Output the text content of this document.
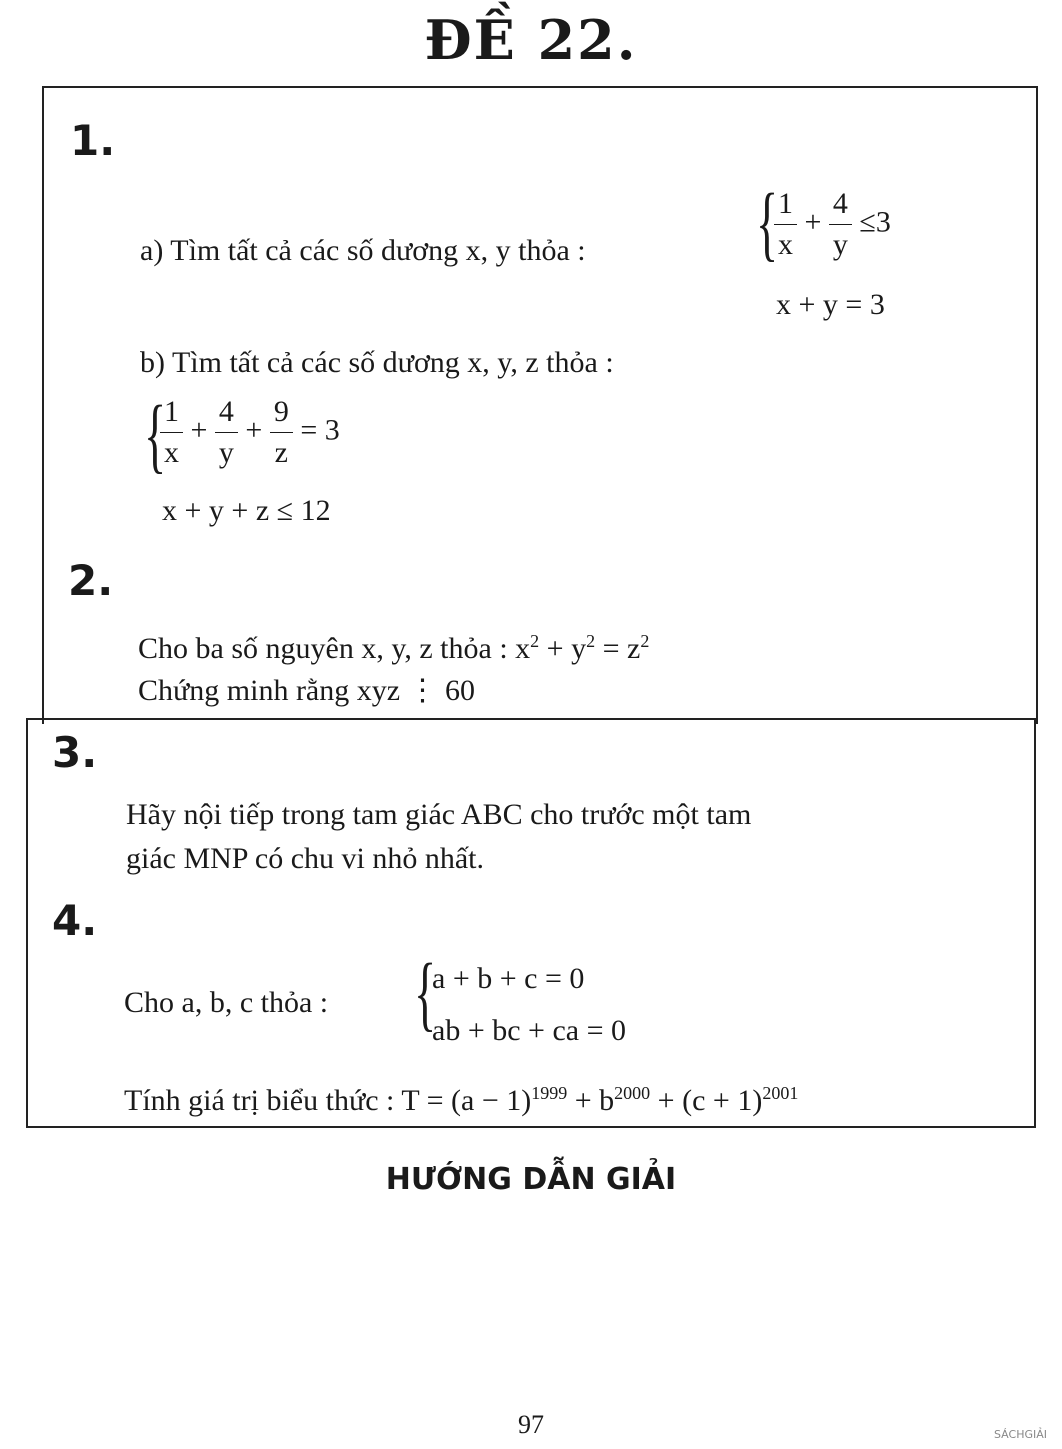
ĐỀ 22.
1.
a) Tìm tất cả các số dương x, y thỏa : {
$\frac{1}{x} + \frac{4}{y} \le 3$
x + y = 3
b) Tìm tất cả các số dương x, y, z thỏa :
{
$\frac{1}{x} + \frac{4}{y} + \frac{9}{z} = 3$
x + y + z ≤ 12
2.
Cho ba số nguyên x, y, z thỏa : $x^2 + y^2 = z^2$
Chứng minh rằng xyz ⋮ 60
3.
Hãy nội tiếp trong tam giác ABC cho trước một tam
giác MNP có chu vi nhỏ nhất.
4.
Cho a, b, c thỏa : {
a + b + c = 0
ab + bc + ca = 0
Tính giá trị biểu thức : $T = (a - 1)^{1999} + b^{2000} + (c + 1)^{2001}$
HƯỚNG DẪN GIẢI
97	SÁCHGIẢI
